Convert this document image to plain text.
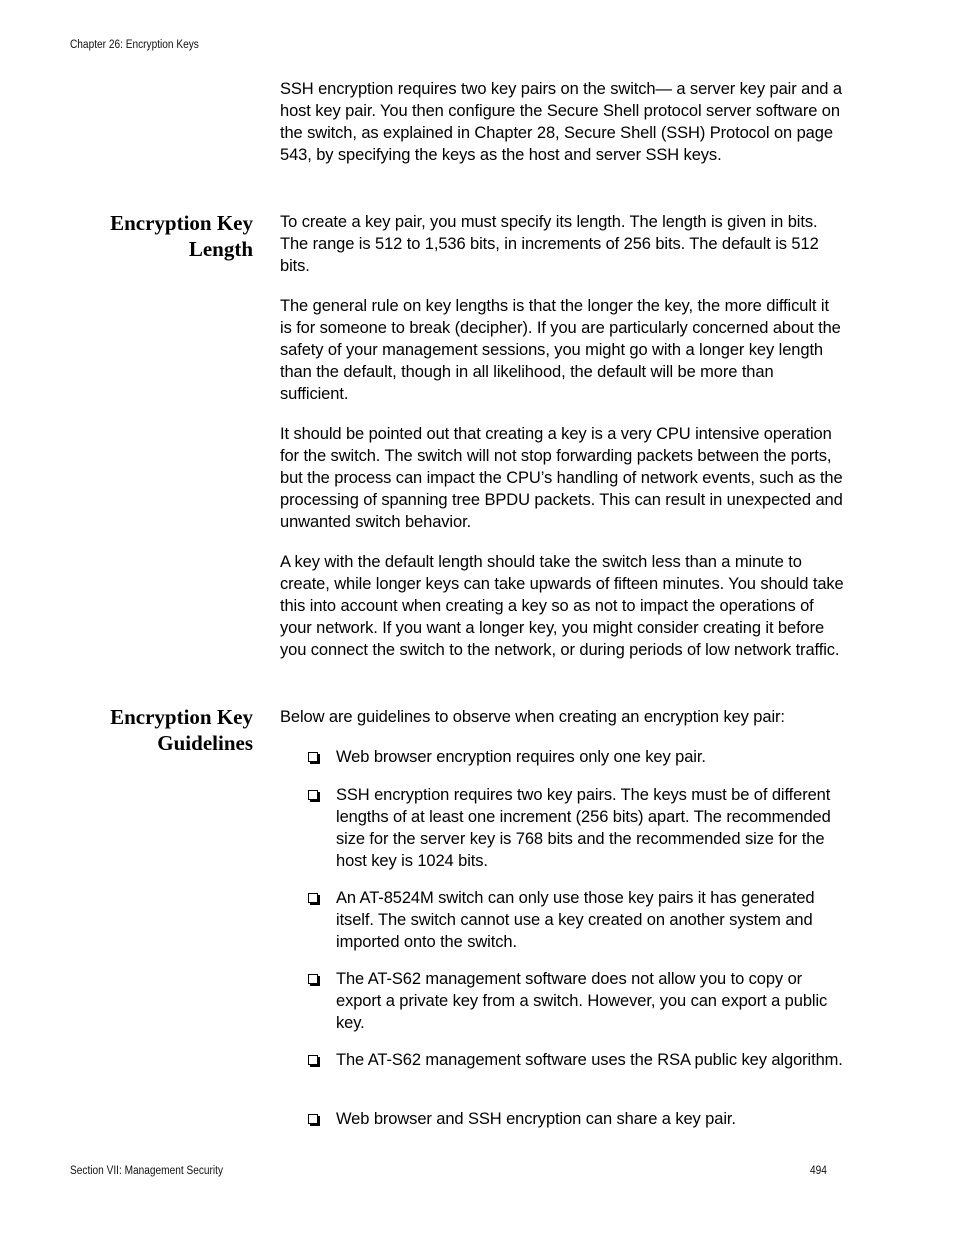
Chapter 26: Encryption Keys

SSH encryption requires two key pairs on the switch— a server key pair and a host key pair. You then configure the Secure Shell protocol server software on the switch, as explained in Chapter 28, Secure Shell (SSH) Protocol on page 543, by specifying the keys as the host and server SSH keys.

Encryption Key
Length

To create a key pair, you must specify its length. The length is given in bits. The range is 512 to 1,536 bits, in increments of 256 bits. The default is 512 bits.

The general rule on key lengths is that the longer the key, the more difficult it is for someone to break (decipher). If you are particularly concerned about the safety of your management sessions, you might go with a longer key length than the default, though in all likelihood, the default will be more than sufficient.

It should be pointed out that creating a key is a very CPU intensive operation for the switch. The switch will not stop forwarding packets between the ports, but the process can impact the CPU’s handling of network events, such as the processing of spanning tree BPDU packets. This can result in unexpected and unwanted switch behavior.

A key with the default length should take the switch less than a minute to create, while longer keys can take upwards of fifteen minutes. You should take this into account when creating a key so as not to impact the operations of your network. If you want a longer key, you might consider creating it before you connect the switch to the network, or during periods of low network traffic.

Encryption Key
Guidelines

Below are guidelines to observe when creating an encryption key pair:

Web browser encryption requires only one key pair.

SSH encryption requires two key pairs. The keys must be of different lengths of at least one increment (256 bits) apart. The recommended size for the server key is 768 bits and the recommended size for the host key is 1024 bits.

An AT-8524M switch can only use those key pairs it has generated itself. The switch cannot use a key created on another system and imported onto the switch.

The AT-S62 management software does not allow you to copy or export a private key from a switch. However, you can export a public key.

The AT-S62 management software uses the RSA public key algorithm.

Web browser and SSH encryption can share a key pair.

Section VII: Management Security	494
